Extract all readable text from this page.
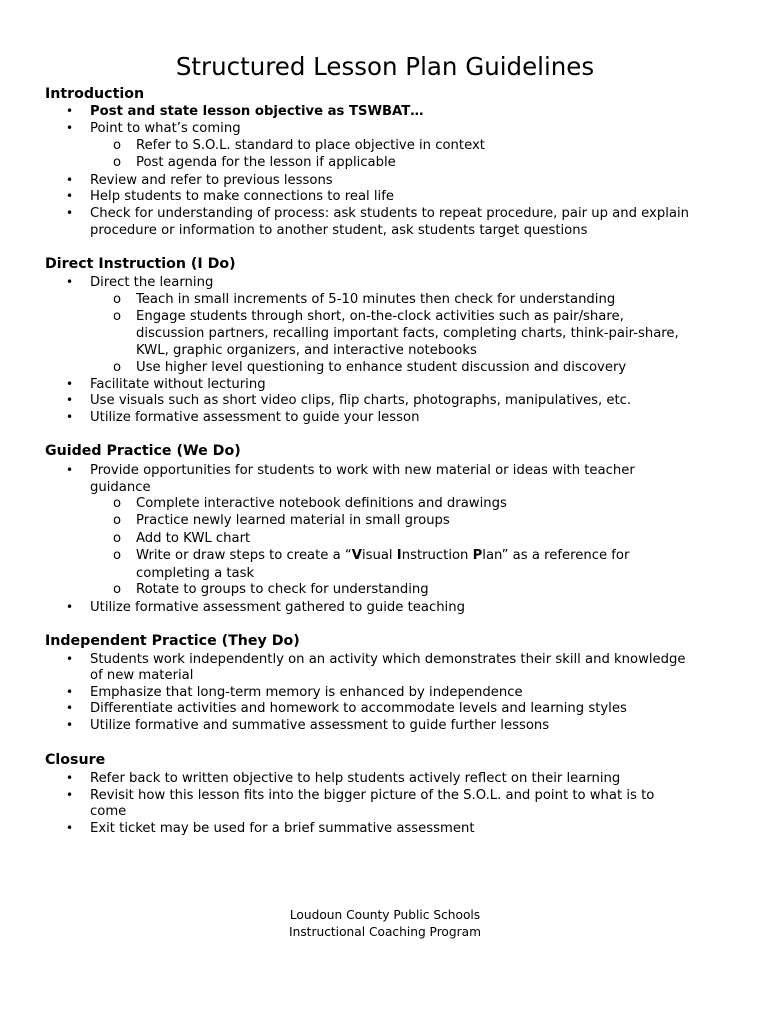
Structured Lesson Plan Guidelines
Introduction
• Post and state lesson objective as TSWBAT…
• Point to what’s coming
o Refer to S.O.L. standard to place objective in context
o Post agenda for the lesson if applicable
• Review and refer to previous lessons
• Help students to make connections to real life
• Check for understanding of process: ask students to repeat procedure, pair up and explain
procedure or information to another student, ask students target questions
Direct Instruction (I Do)
• Direct the learning
o Teach in small increments of 5-10 minutes then check for understanding
o Engage students through short, on-the-clock activities such as pair/share,
discussion partners, recalling important facts, completing charts, think-pair-share,
KWL, graphic organizers, and interactive notebooks
o Use higher level questioning to enhance student discussion and discovery
• Facilitate without lecturing
• Use visuals such as short video clips, flip charts, photographs, manipulatives, etc.
• Utilize formative assessment to guide your lesson
Guided Practice (We Do)
• Provide opportunities for students to work with new material or ideas with teacher
guidance
o Complete interactive notebook definitions and drawings
o Practice newly learned material in small groups
o Add to KWL chart
o Write or draw steps to create a “Visual Instruction Plan” as a reference for
completing a task
o Rotate to groups to check for understanding
• Utilize formative assessment gathered to guide teaching
Independent Practice (They Do)
• Students work independently on an activity which demonstrates their skill and knowledge
of new material
• Emphasize that long-term memory is enhanced by independence
• Differentiate activities and homework to accommodate levels and learning styles
• Utilize formative and summative assessment to guide further lessons
Closure
• Refer back to written objective to help students actively reflect on their learning
• Revisit how this lesson fits into the bigger picture of the S.O.L. and point to what is to
come
• Exit ticket may be used for a brief summative assessment
Loudoun County Public Schools
Instructional Coaching Program
